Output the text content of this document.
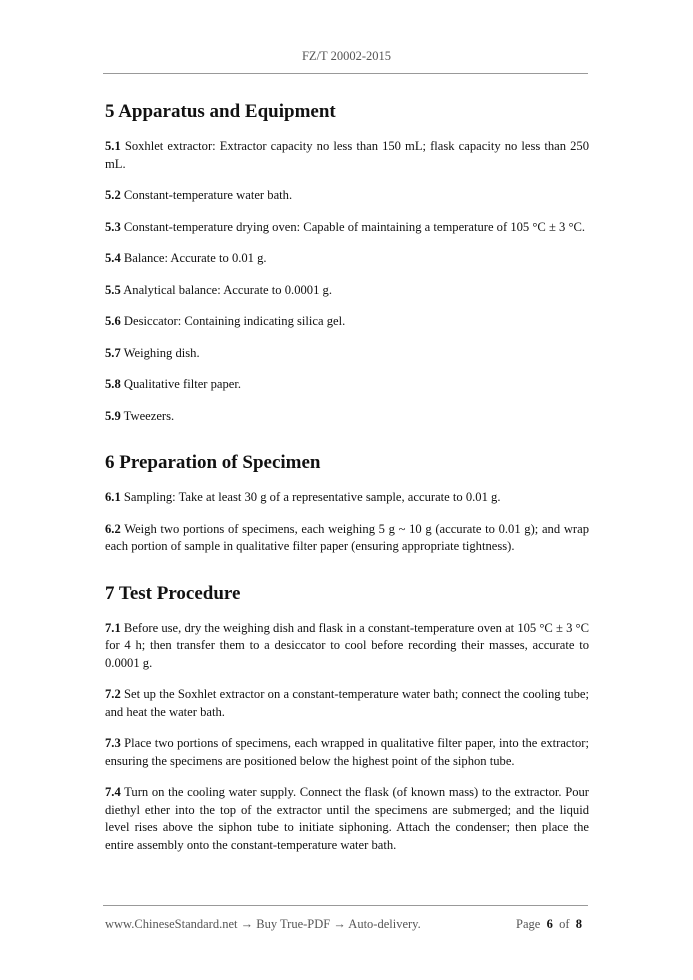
FZ/T 20002-2015
5 Apparatus and Equipment

5.1 Soxhlet extractor: Extractor capacity no less than 150 mL; flask capacity no less than 250 mL.

5.2 Constant-temperature water bath.

5.3 Constant-temperature drying oven: Capable of maintaining a temperature of 105 °C ± 3 °C.

5.4 Balance: Accurate to 0.01 g.

5.5 Analytical balance: Accurate to 0.0001 g.

5.6 Desiccator: Containing indicating silica gel.

5.7 Weighing dish.

5.8 Qualitative filter paper.

5.9 Tweezers.

6 Preparation of Specimen

6.1 Sampling: Take at least 30 g of a representative sample, accurate to 0.01 g.

6.2 Weigh two portions of specimens, each weighing 5 g ~ 10 g (accurate to 0.01 g); and wrap each portion of sample in qualitative filter paper (ensuring appropriate tightness).

7 Test Procedure

7.1 Before use, dry the weighing dish and flask in a constant-temperature oven at 105 °C ± 3 °C for 4 h; then transfer them to a desiccator to cool before recording their masses, accurate to 0.0001 g.

7.2 Set up the Soxhlet extractor on a constant-temperature water bath; connect the cooling tube; and heat the water bath.

7.3 Place two portions of specimens, each wrapped in qualitative filter paper, into the extractor; ensuring the specimens are positioned below the highest point of the siphon tube.

7.4 Turn on the cooling water supply. Connect the flask (of known mass) to the extractor. Pour diethyl ether into the top of the extractor until the specimens are submerged; and the liquid level rises above the siphon tube to initiate siphoning. Attach the condenser; then place the entire assembly onto the constant-temperature water bath.

www.ChineseStandard.net → Buy True-PDF → Auto-delivery.	Page 6 of 8
